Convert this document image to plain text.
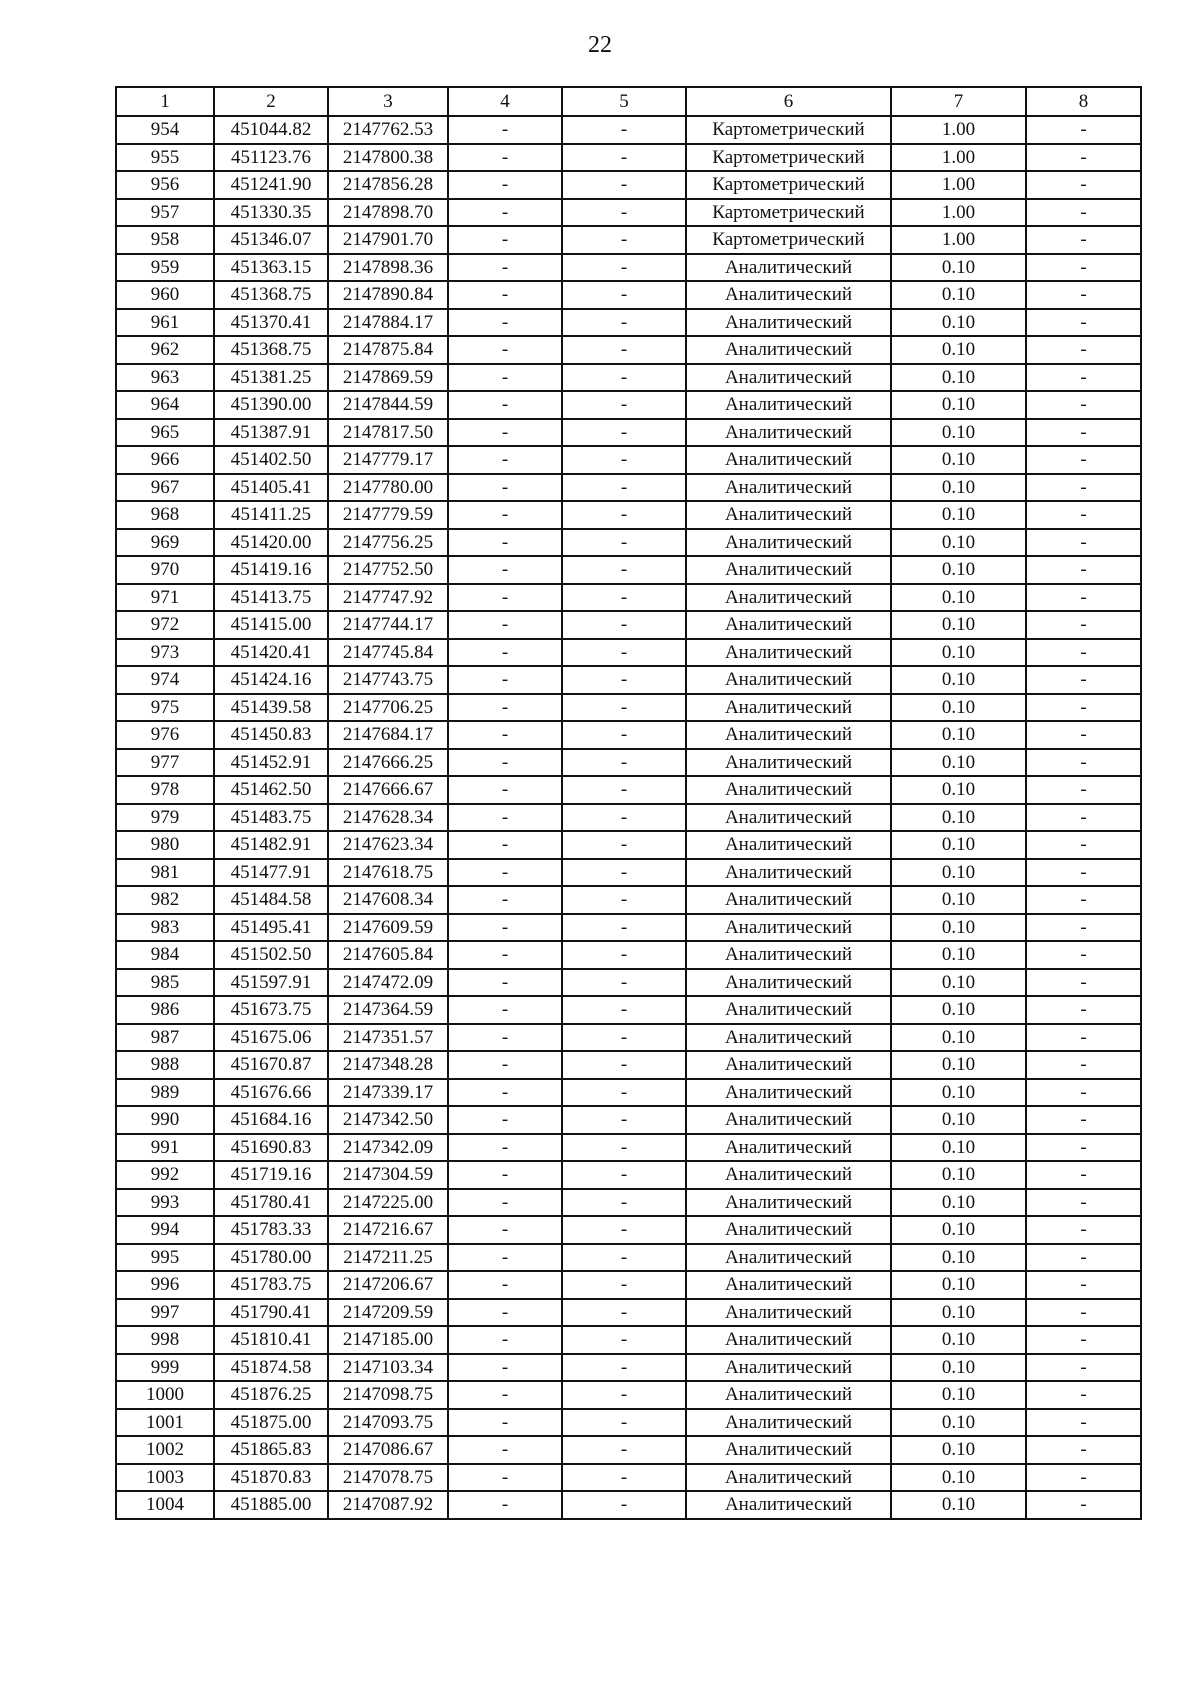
22
1	2	3	4	5	6	7	8
954	451044.82	2147762.53	-	-	Картометрический	1.00	-
955	451123.76	2147800.38	-	-	Картометрический	1.00	-
956	451241.90	2147856.28	-	-	Картометрический	1.00	-
957	451330.35	2147898.70	-	-	Картометрический	1.00	-
958	451346.07	2147901.70	-	-	Картометрический	1.00	-
959	451363.15	2147898.36	-	-	Аналитический	0.10	-
960	451368.75	2147890.84	-	-	Аналитический	0.10	-
961	451370.41	2147884.17	-	-	Аналитический	0.10	-
962	451368.75	2147875.84	-	-	Аналитический	0.10	-
963	451381.25	2147869.59	-	-	Аналитический	0.10	-
964	451390.00	2147844.59	-	-	Аналитический	0.10	-
965	451387.91	2147817.50	-	-	Аналитический	0.10	-
966	451402.50	2147779.17	-	-	Аналитический	0.10	-
967	451405.41	2147780.00	-	-	Аналитический	0.10	-
968	451411.25	2147779.59	-	-	Аналитический	0.10	-
969	451420.00	2147756.25	-	-	Аналитический	0.10	-
970	451419.16	2147752.50	-	-	Аналитический	0.10	-
971	451413.75	2147747.92	-	-	Аналитический	0.10	-
972	451415.00	2147744.17	-	-	Аналитический	0.10	-
973	451420.41	2147745.84	-	-	Аналитический	0.10	-
974	451424.16	2147743.75	-	-	Аналитический	0.10	-
975	451439.58	2147706.25	-	-	Аналитический	0.10	-
976	451450.83	2147684.17	-	-	Аналитический	0.10	-
977	451452.91	2147666.25	-	-	Аналитический	0.10	-
978	451462.50	2147666.67	-	-	Аналитический	0.10	-
979	451483.75	2147628.34	-	-	Аналитический	0.10	-
980	451482.91	2147623.34	-	-	Аналитический	0.10	-
981	451477.91	2147618.75	-	-	Аналитический	0.10	-
982	451484.58	2147608.34	-	-	Аналитический	0.10	-
983	451495.41	2147609.59	-	-	Аналитический	0.10	-
984	451502.50	2147605.84	-	-	Аналитический	0.10	-
985	451597.91	2147472.09	-	-	Аналитический	0.10	-
986	451673.75	2147364.59	-	-	Аналитический	0.10	-
987	451675.06	2147351.57	-	-	Аналитический	0.10	-
988	451670.87	2147348.28	-	-	Аналитический	0.10	-
989	451676.66	2147339.17	-	-	Аналитический	0.10	-
990	451684.16	2147342.50	-	-	Аналитический	0.10	-
991	451690.83	2147342.09	-	-	Аналитический	0.10	-
992	451719.16	2147304.59	-	-	Аналитический	0.10	-
993	451780.41	2147225.00	-	-	Аналитический	0.10	-
994	451783.33	2147216.67	-	-	Аналитический	0.10	-
995	451780.00	2147211.25	-	-	Аналитический	0.10	-
996	451783.75	2147206.67	-	-	Аналитический	0.10	-
997	451790.41	2147209.59	-	-	Аналитический	0.10	-
998	451810.41	2147185.00	-	-	Аналитический	0.10	-
999	451874.58	2147103.34	-	-	Аналитический	0.10	-
1000	451876.25	2147098.75	-	-	Аналитический	0.10	-
1001	451875.00	2147093.75	-	-	Аналитический	0.10	-
1002	451865.83	2147086.67	-	-	Аналитический	0.10	-
1003	451870.83	2147078.75	-	-	Аналитический	0.10	-
1004	451885.00	2147087.92	-	-	Аналитический	0.10	-
